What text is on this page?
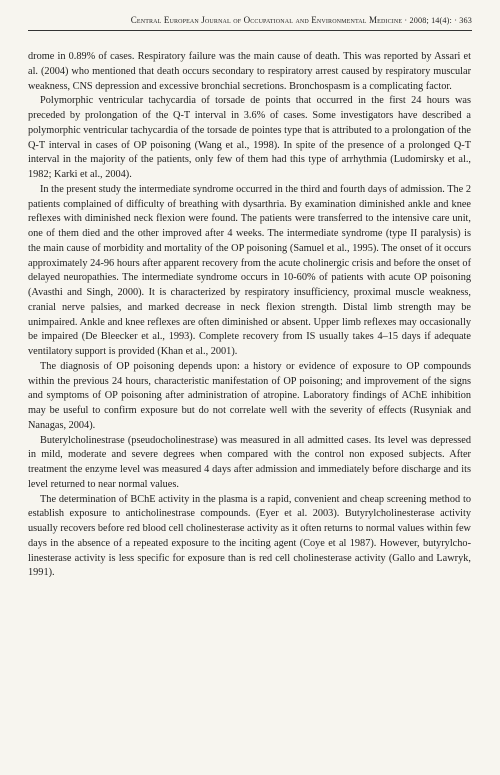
Central European Journal of Occupational and Environmental Medicine · 2008; 14(4): · 363

drome in 0.89% of cases. Respiratory failure was the main cause of death. This was reported by Assari et al. (2004) who mentioned that death occurs secondary to respiratory arrest caused by respiratory muscular weakness, CNS depression and excessive bronchial secretions. Bronchospasm is a complicating factor.

Polymorphic ventricular tachycardia of torsade de points that occurred in the first 24 hours was preceded by prolongation of the Q-T interval in 3.6% of cases. Some investigators have described a polymorphic ventricular tachycardia of the torsade de pointes type that is attributed to a prolongation of the Q-T interval in cases of OP poisoning (Wang et al., 1998). In spite of the presence of a prolonged Q-T interval in the majority of the patients, only few of them had this type of arrhythmia (Ludomirsky et al., 1982; Karki et al., 2004).

In the present study the intermediate syndrome occurred in the third and fourth days of admission. The 2 patients complained of difficulty of breathing with dysarthria. By examination diminished ankle and knee reflexes with diminished neck flexion were found. The patients were transferred to the intensive care unit, one of them died and the other improved after 4 weeks. The intermediate syndrome (type II paralysis) is the main cause of morbidity and mortality of the OP poisoning (Samuel et al., 1995). The onset of it occurs approximately 24-96 hours after apparent recovery from the acute cholinergic crisis and before the onset of delayed neuropathies. The intermediate syndrome occurs in 10-60% of patients with acute OP poisoning (Avasthi and Singh, 2000). It is characterized by respiratory insufficiency, proximal muscle weakness, cranial nerve palsies, and marked decrease in neck flexion strength. Distal limb strength may be unimpaired. Ankle and knee reflexes are often diminished or absent. Upper limb reflexes may occasionally be impaired (De Bleecker et al., 1993). Complete recovery from IS usually takes 4–15 days if adequate ventilatory support is provided (Khan et al., 2001).

The diagnosis of OP poisoning depends upon: a history or evidence of exposure to OP compounds within the previous 24 hours, characteristic manifestation of OP poisoning; and improvement of the signs and symptoms of OP poisoning after administration of atropine. Laboratory findings of AChE inhibition may be useful to confirm exposure but do not correlate well with the severity of effects (Rusyniak and Nanagas, 2004).

Buterylcholinestrase (pseudocholinestrase) was measured in all admitted cases. Its level was depressed in mild, moderate and severe degrees when compared with the control non exposed subjects. After treatment the enzyme level was measured 4 days after admission and immediately before discharge and its level returned to near normal values.

The determination of BChE activity in the plasma is a rapid, convenient and cheap screening method to establish exposure to anticholinestrase compounds. (Eyer et al. 2003). Butyrylcholinesterase activity usually recovers before red blood cell cholinesterase activity as it often returns to normal values within few days in the absence of a repeated exposure to the inciting agent (Coye et al 1987). However, butyrylcholinesterase activity is less specific for exposure than is red cell cholinesterase activity (Gallo and Lawryk, 1991).
